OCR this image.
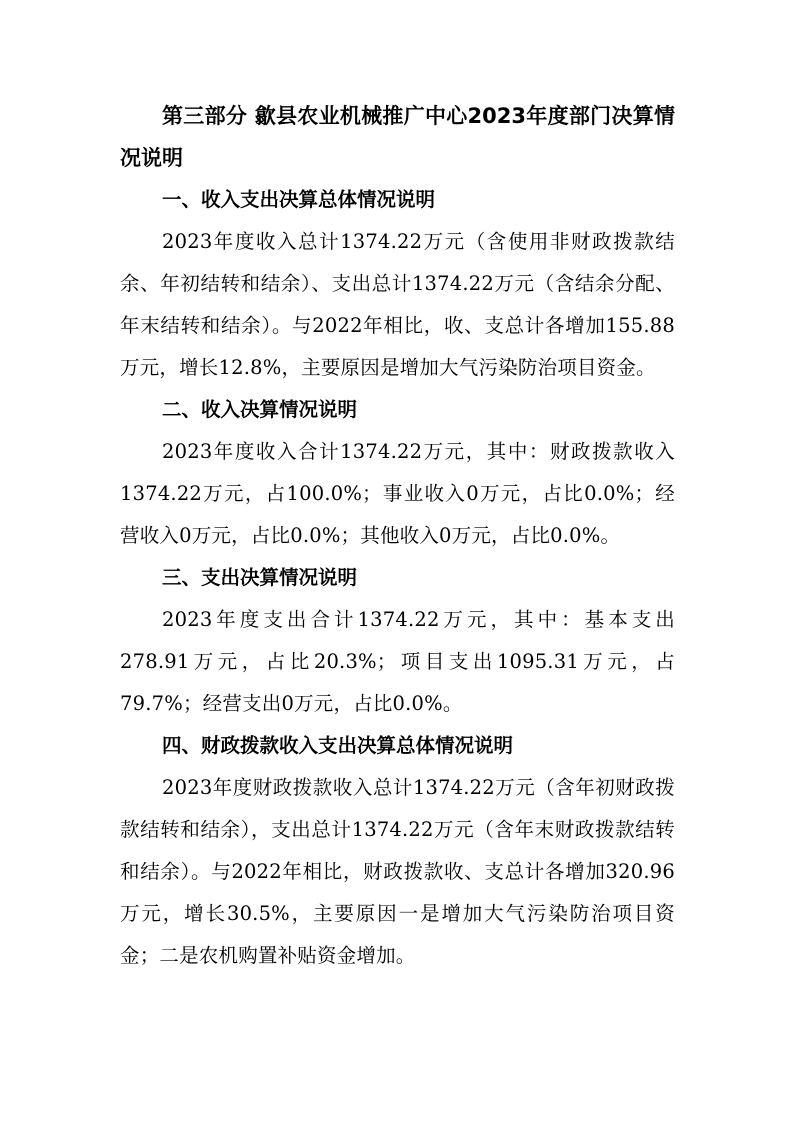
第三部分 歙县农业机械推广中心2023年度部门决算情况说明

一、收入支出决算总体情况说明

2023年度收入总计1374.22万元（含使用非财政拨款结余、年初结转和结余）、支出总计1374.22万元（含结余分配、年末结转和结余）。与2022年相比，收、支总计各增加155.88万元，增长12.8%，主要原因是增加大气污染防治项目资金。

二、收入决算情况说明

2023年度收入合计1374.22万元，其中：财政拨款收入1374.22万元，占100.0%；事业收入0万元，占比0.0%；经营收入0万元，占比0.0%；其他收入0万元，占比0.0%。

三、支出决算情况说明

2023年度支出合计1374.22万元，其中：基本支出278.91万元，占比20.3%；项目支出1095.31万元，占79.7%；经营支出0万元，占比0.0%。

四、财政拨款收入支出决算总体情况说明

2023年度财政拨款收入总计1374.22万元（含年初财政拨款结转和结余），支出总计1374.22万元（含年末财政拨款结转和结余）。与2022年相比，财政拨款收、支总计各增加320.96万元，增长30.5%，主要原因一是增加大气污染防治项目资金；二是农机购置补贴资金增加。
